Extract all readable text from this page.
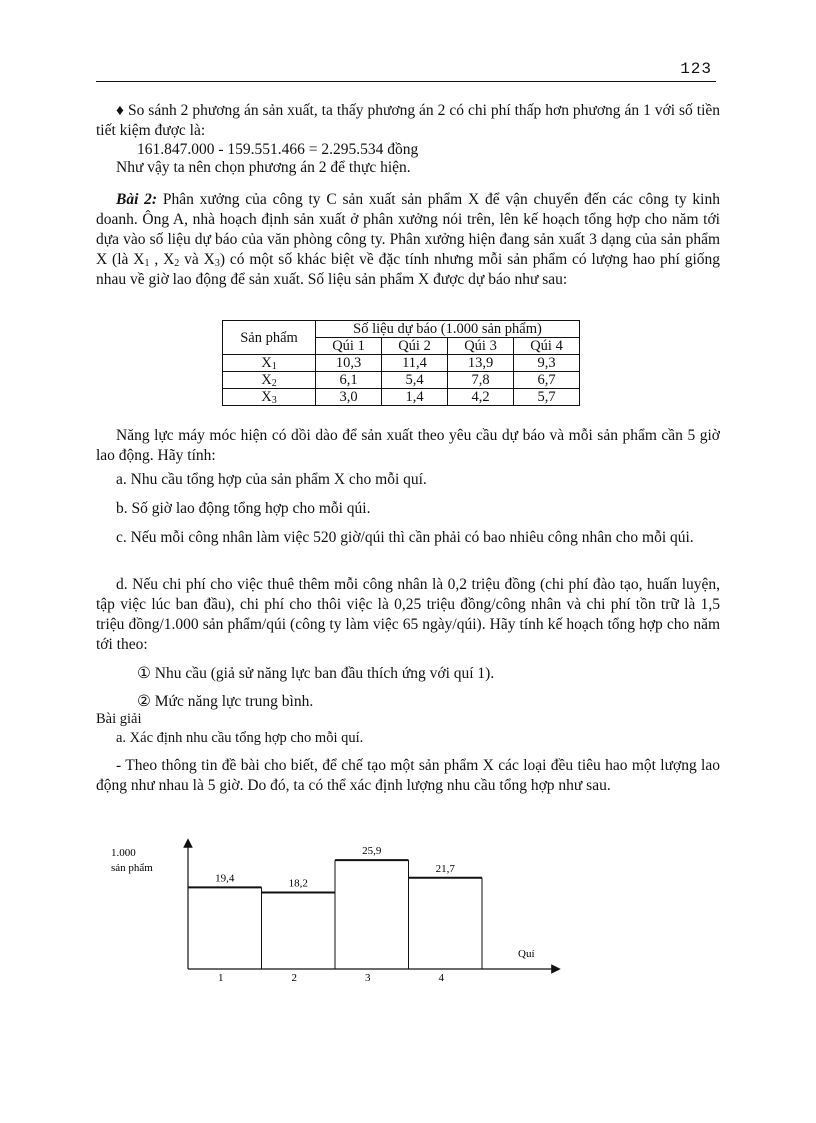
123
♦ So sánh 2 phương án sản xuất, ta thấy phương án 2 có chi phí thấp hơn phương án 1 với số tiền tiết kiệm được là:
161.847.000 - 159.551.466 = 2.295.534 đồng
Như vậy ta nên chọn phương án 2 để thực hiện.
Bài 2: Phân xưởng của công ty C sản xuất sản phẩm X để vận chuyển đến các công ty kinh doanh. Ông A, nhà hoạch định sản xuất ở phân xưởng nói trên, lên kế hoạch tổng hợp cho năm tới dựa vào số liệu dự báo của văn phòng công ty. Phân xưởng hiện đang sản xuất 3 dạng của sản phẩm X (là $X_1$ , $X_2$ và $X_3$) có một số khác biệt về đặc tính nhưng mỗi sản phẩm có lượng hao phí giống nhau về giờ lao động để sản xuất. Số liệu sản phẩm X được dự báo như sau:
Sản phẩm	Số liệu dự báo (1.000 sản phẩm)			
	Qúi 1	Qúi 2	Qúi 3	Qúi 4
$X_1$	10,3	11,4	13,9	9,3
$X_2$	6,1	5,4	7,8	6,7
$X_3$	3,0	1,4	4,2	5,7
Năng lực máy móc hiện có dồi dào để sản xuất theo yêu cầu dự báo và mỗi sản phẩm cần 5 giờ lao động. Hãy tính:
a. Nhu cầu tổng hợp của sản phẩm X cho mỗi quí.
b. Số giờ lao động tổng hợp cho mỗi qúi.
c. Nếu mỗi công nhân làm việc 520 giờ/qúi thì cần phải có bao nhiêu công nhân cho mỗi qúi.
d. Nếu chi phí cho việc thuê thêm mỗi công nhân là 0,2 triệu đồng (chi phí đào tạo, huấn luyện, tập việc lúc ban đầu), chi phí cho thôi việc là 0,25 triệu đồng/công nhân và chi phí tồn trữ là 1,5 triệu đồng/1.000 sản phẩm/qúi (công ty làm việc 65 ngày/qúi). Hãy tính kế hoạch tổng hợp cho năm tới theo:
① Nhu cầu (giả sử năng lực ban đầu thích ứng với quí 1).
② Mức năng lực trung bình.
Bài giải
a. Xác định nhu cầu tổng hợp cho mỗi quí.
- Theo thông tin đề bài cho biết, để chế tạo một sản phẩm X các loại đều tiêu hao một lượng lao động như nhau là 5 giờ. Do đó, ta có thể xác định lượng nhu cầu tổng hợp như sau.
1.000
sản phẩm
Quí
19,4
1
18,2
2
25,9
3
21,7
4
